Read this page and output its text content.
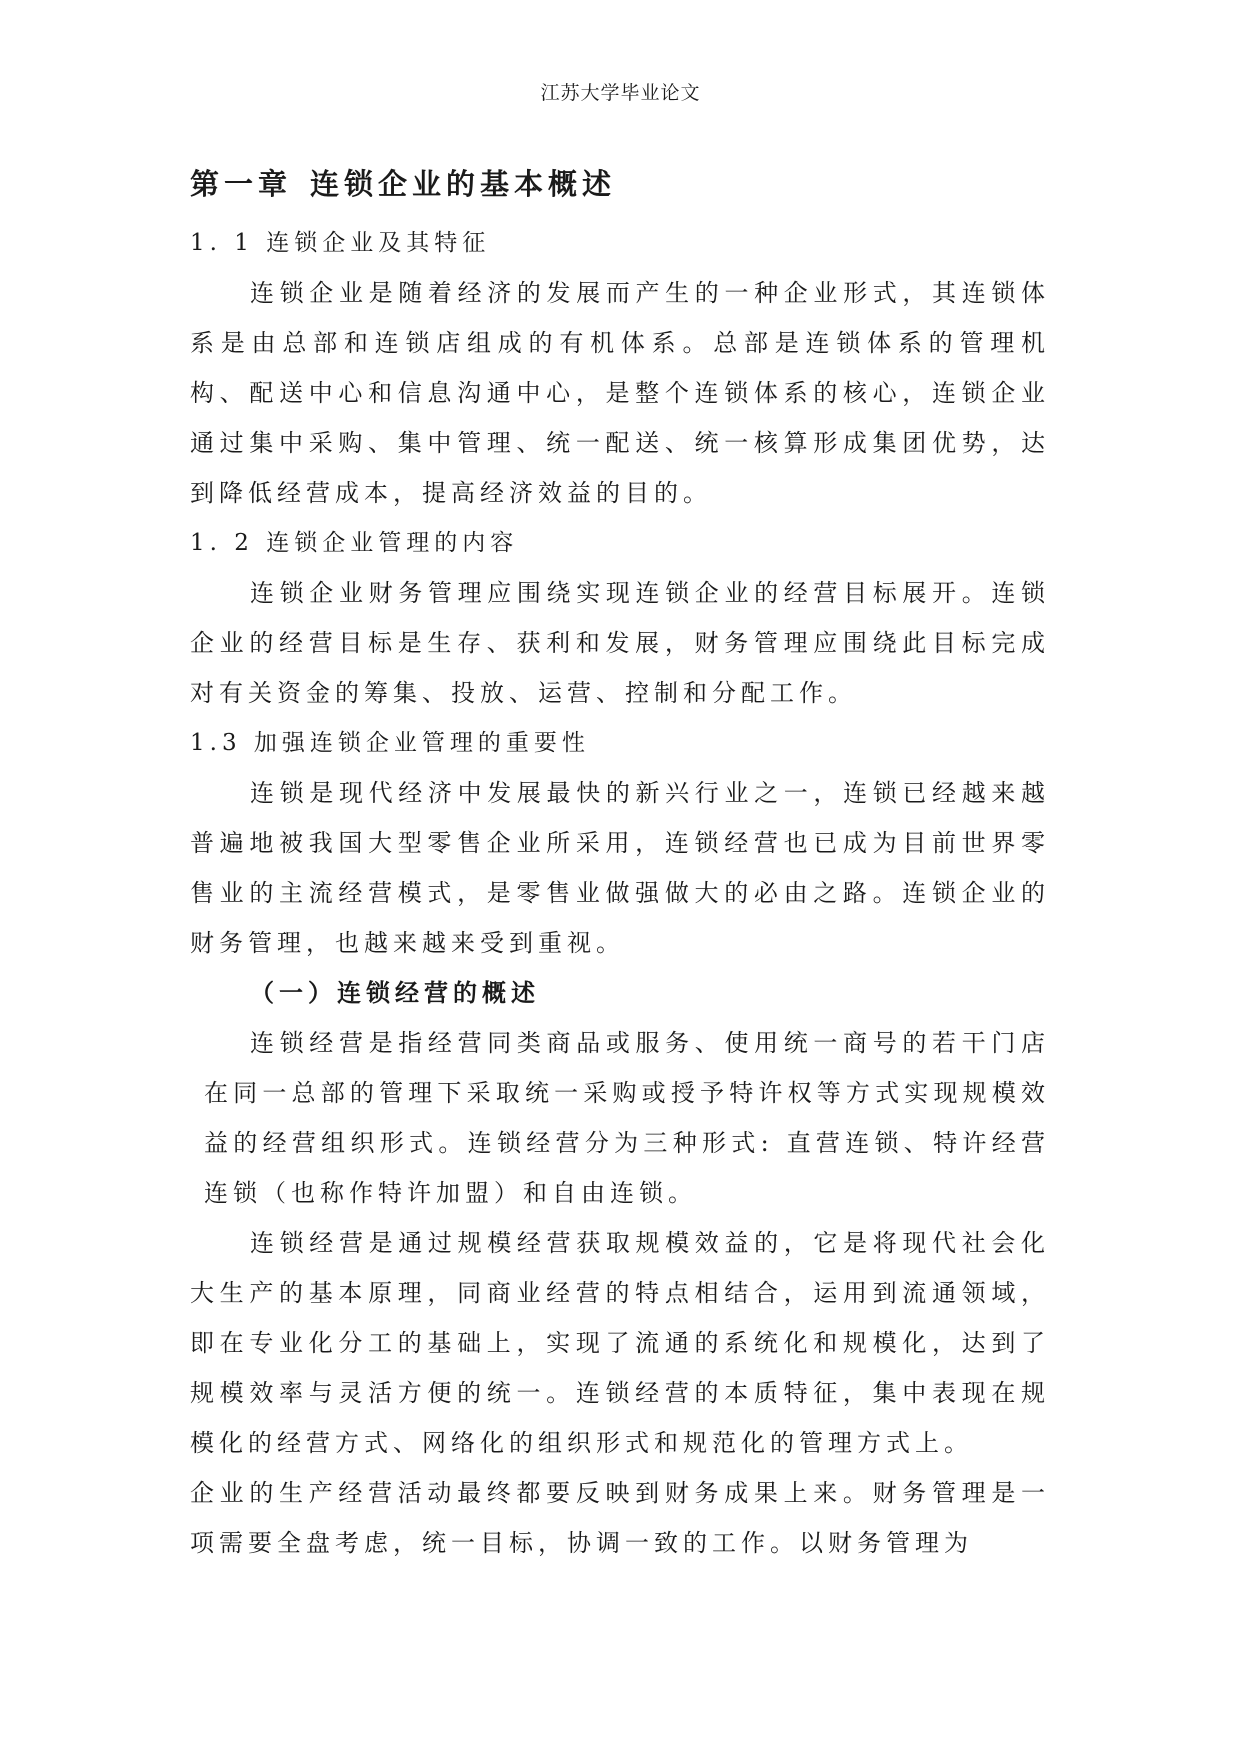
江苏大学毕业论文
第一章 连锁企业的基本概述
1. 1 连锁企业及其特征

连锁企业是随着经济的发展而产生的一种企业形式，其连锁体系是由总部和连锁店组成的有机体系。总部是连锁体系的管理机构、配送中心和信息沟通中心，是整个连锁体系的核心，连锁企业通过集中采购、集中管理、统一配送、统一核算形成集团优势，达到降低经营成本，提高经济效益的目的。

1. 2 连锁企业管理的内容

连锁企业财务管理应围绕实现连锁企业的经营目标展开。连锁企业的经营目标是生存、获利和发展，财务管理应围绕此目标完成对有关资金的筹集、投放、运营、控制和分配工作。

1.3 加强连锁企业管理的重要性

连锁是现代经济中发展最快的新兴行业之一，连锁已经越来越普遍地被我国大型零售企业所采用，连锁经营也已成为目前世界零售业的主流经营模式，是零售业做强做大的必由之路。连锁企业的财务管理，也越来越来受到重视。

（一）连锁经营的概述

连锁经营是指经营同类商品或服务、使用统一商号的若干门店在同一总部的管理下采取统一采购或授予特许权等方式实现规模效益的经营组织形式。连锁经营分为三种形式: 直营连锁、特许经营连锁（也称作特许加盟）和自由连锁。

连锁经营是通过规模经营获取规模效益的，它是将现代社会化大生产的基本原理，同商业经营的特点相结合，运用到流通领域，即在专业化分工的基础上，实现了流通的系统化和规模化，达到了规模效率与灵活方便的统一。连锁经营的本质特征，集中表现在规模化的经营方式、网络化的组织形式和规范化的管理方式上。

企业的生产经营活动最终都要反映到财务成果上来。财务管理是一项需要全盘考虑，统一目标，协调一致的工作。以财务管理为
